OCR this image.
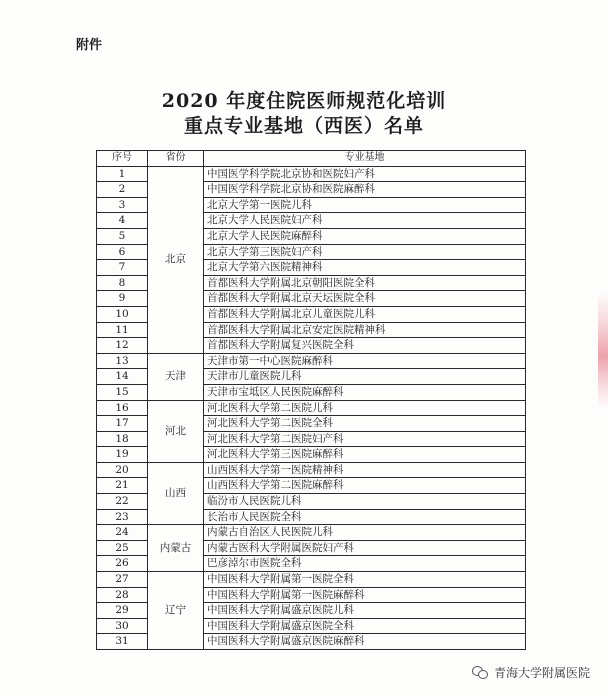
附件
2020 年度住院医师规范化培训
重点专业基地（西医）名单
序号	省份	专业基地
1	北京	中国医学科学院北京协和医院妇产科
2		中国医学科学院北京协和医院麻醉科
3		北京大学第一医院儿科
4		北京大学人民医院妇产科
5		北京大学人民医院麻醉科
6		北京大学第三医院妇产科
7		北京大学第六医院精神科
8		首都医科大学附属北京朝阳医院全科
9		首都医科大学附属北京天坛医院全科
10		首都医科大学附属北京儿童医院儿科
11		首都医科大学附属北京安定医院精神科
12		首都医科大学附属复兴医院全科
13	天津	天津市第一中心医院麻醉科
14		天津市儿童医院儿科
15		天津市宝坻区人民医院麻醉科
16	河北	河北医科大学第二医院儿科
17		河北医科大学第二医院全科
18		河北医科大学第二医院妇产科
19		河北医科大学第三医院麻醉科
20	山西	山西医科大学第一医院精神科
21		山西医科大学第二医院麻醉科
22		临汾市人民医院儿科
23		长治市人民医院全科
24	内蒙古	内蒙古自治区人民医院儿科
25		内蒙古医科大学附属医院妇产科
26		巴彦淖尔市医院全科
27	辽宁	中国医科大学附属第一医院全科
28		中国医科大学附属第一医院麻醉科
29		中国医科大学附属盛京医院儿科
30		中国医科大学附属盛京医院全科
31		中国医科大学附属盛京医院麻醉科
青海大学附属医院
